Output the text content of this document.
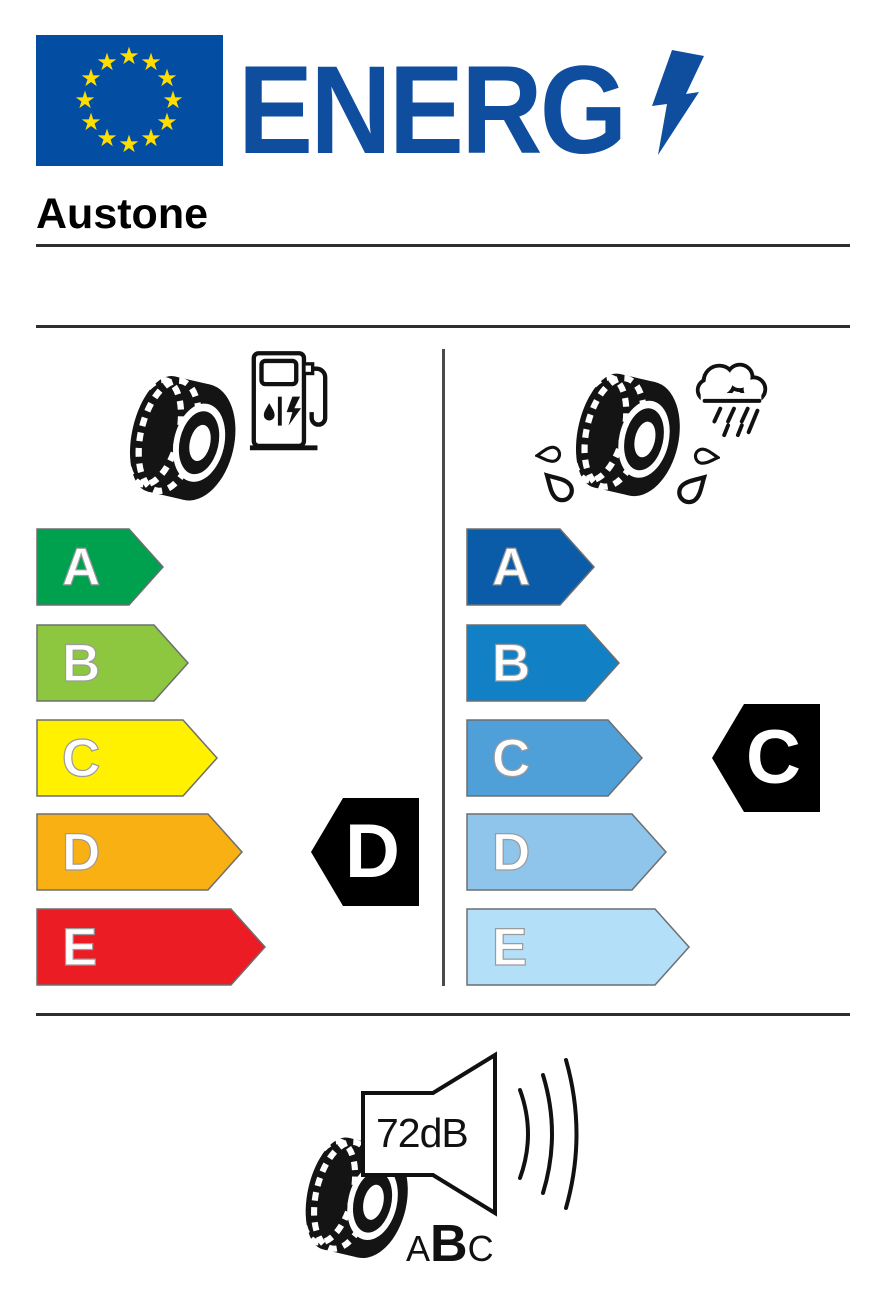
★ ★
★
★
★
★
★
★
★
★
★
★ ENERG
Austone
A
B
C
D
E
D
A
B
C
D
E
C
72dB
ABC
